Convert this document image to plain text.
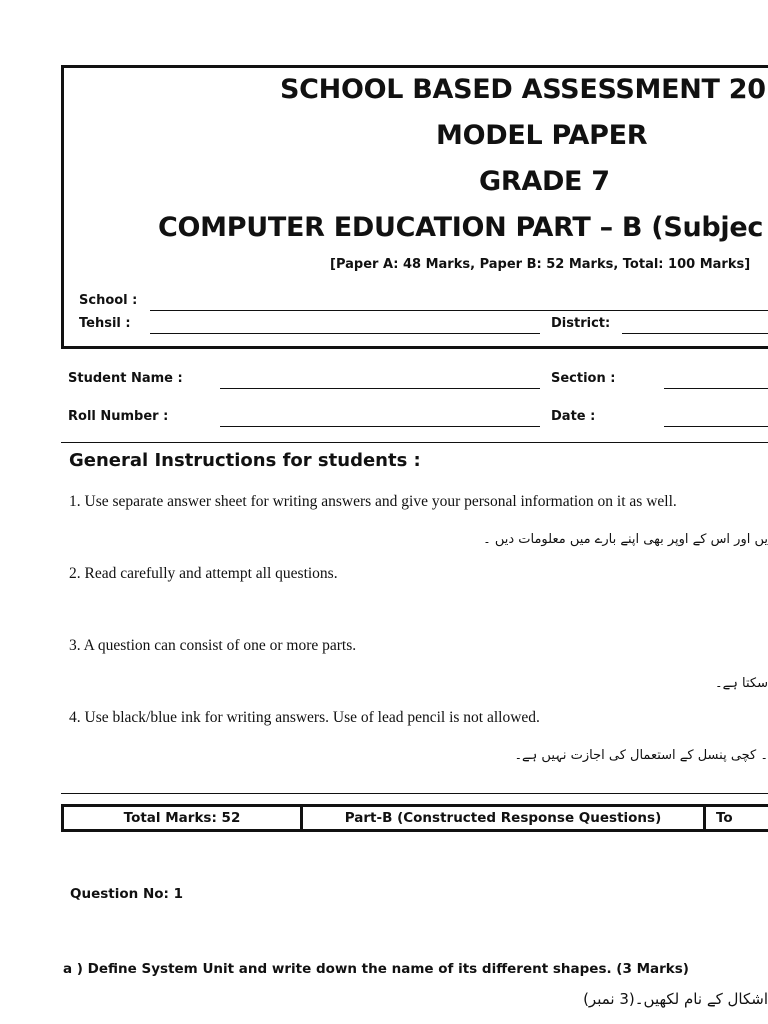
SCHOOL BASED ASSESSMENT 20
MODEL PAPER
GRADE 7
COMPUTER EDUCATION PART – B (Subjec
[Paper A: 48 Marks, Paper B: 52 Marks, Total: 100 Marks]
School :
Tehsil :	District:
Student Name :	Section :
Roll Number :	Date :
General Instructions for students :
1. Use separate answer sheet for writing answers and give your personal information on it as well.
یں اور اس کے اوپر بھی اپنے بارے میں معلومات دیں ۔
2. Read carefully and attempt all questions.
3. A question can consist of one or more parts.
سکتا ہے۔
4. Use black/blue ink for writing answers. Use of lead pencil is not allowed.
۔ کچی پنسل کے استعمال کی اجازت نہیں ہے۔
Total Marks: 52	Part-B (Constructed Response Questions)	To
Question No: 1
a ) Define System Unit and write down the name of its different shapes. (3 Marks)
اشکال کے نام لکھیں۔(3 نمبر)
